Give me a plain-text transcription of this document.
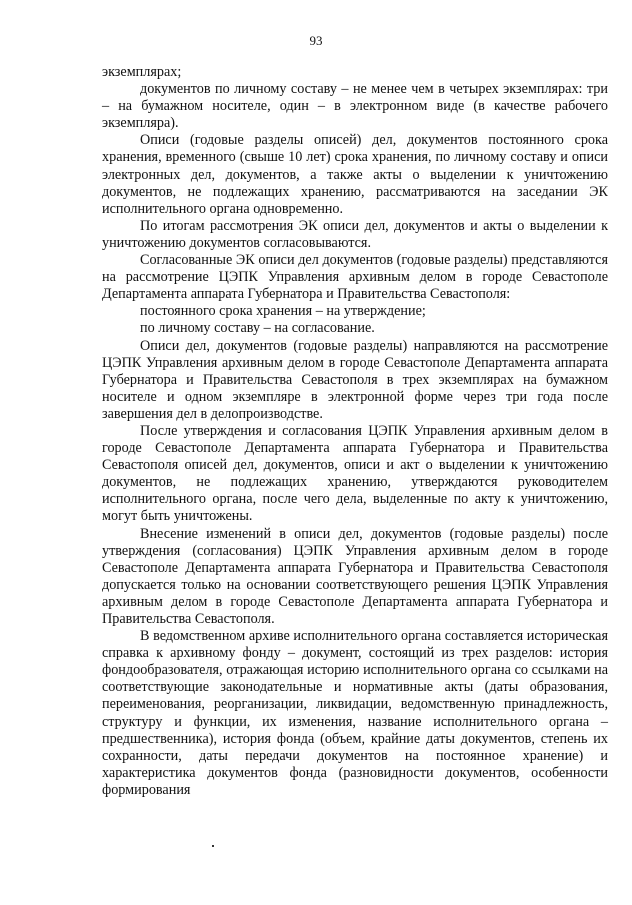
93

экземплярах;

документов по личному составу – не менее чем в четырех экземплярах: три – на бумажном носителе, один – в электронном виде (в качестве рабочего экземпляра).

Описи (годовые разделы описей) дел, документов постоянного срока хранения, временного (свыше 10 лет) срока хранения, по личному составу и описи электронных дел, документов, а также акты о выделении к уничтожению документов, не подлежащих хранению, рассматриваются на заседании ЭК исполнительного органа одновременно.

По итогам рассмотрения ЭК описи дел, документов и акты о выделении к уничтожению документов согласовываются.

Согласованные ЭК описи дел документов (годовые разделы) представляются на рассмотрение ЦЭПК Управления архивным делом в городе Севастополе Департамента аппарата Губернатора и Правительства Севастополя:

постоянного срока хранения – на утверждение;

по личному составу – на согласование.

Описи дел, документов (годовые разделы) направляются на рассмотрение ЦЭПК Управления архивным делом в городе Севастополе Департамента аппарата Губернатора и Правительства Севастополя в трех экземплярах на бумажном носителе и одном экземпляре в электронной форме через три года после завершения дел в делопроизводстве.

После утверждения и согласования ЦЭПК Управления архивным делом в городе Севастополе Департамента аппарата Губернатора и Правительства Севастополя описей дел, документов, описи и акт о выделении к уничтожению документов, не подлежащих хранению, утверждаются руководителем исполнительного органа, после чего дела, выделенные по акту к уничтожению, могут быть уничтожены.

Внесение изменений в описи дел, документов (годовые разделы) после утверждения (согласования) ЦЭПК Управления архивным делом в городе Севастополе Департамента аппарата Губернатора и Правительства Севастополя допускается только на основании соответствующего решения ЦЭПК Управления архивным делом в городе Севастополе Департамента аппарата Губернатора и Правительства Севастополя.

В ведомственном архиве исполнительного органа составляется историческая справка к архивному фонду – документ, состоящий из трех разделов: история фондообразователя, отражающая историю исполнительного органа со ссылками на соответствующие законодательные и нормативные акты (даты образования, переименования, реорганизации, ликвидации, ведомственную принадлежность, структуру и функции, их изменения, название исполнительного органа – предшественника), история фонда (объем, крайние даты документов, степень их сохранности, даты передачи документов на постоянное хранение) и характеристика документов фонда (разновидности документов, особенности формирования
